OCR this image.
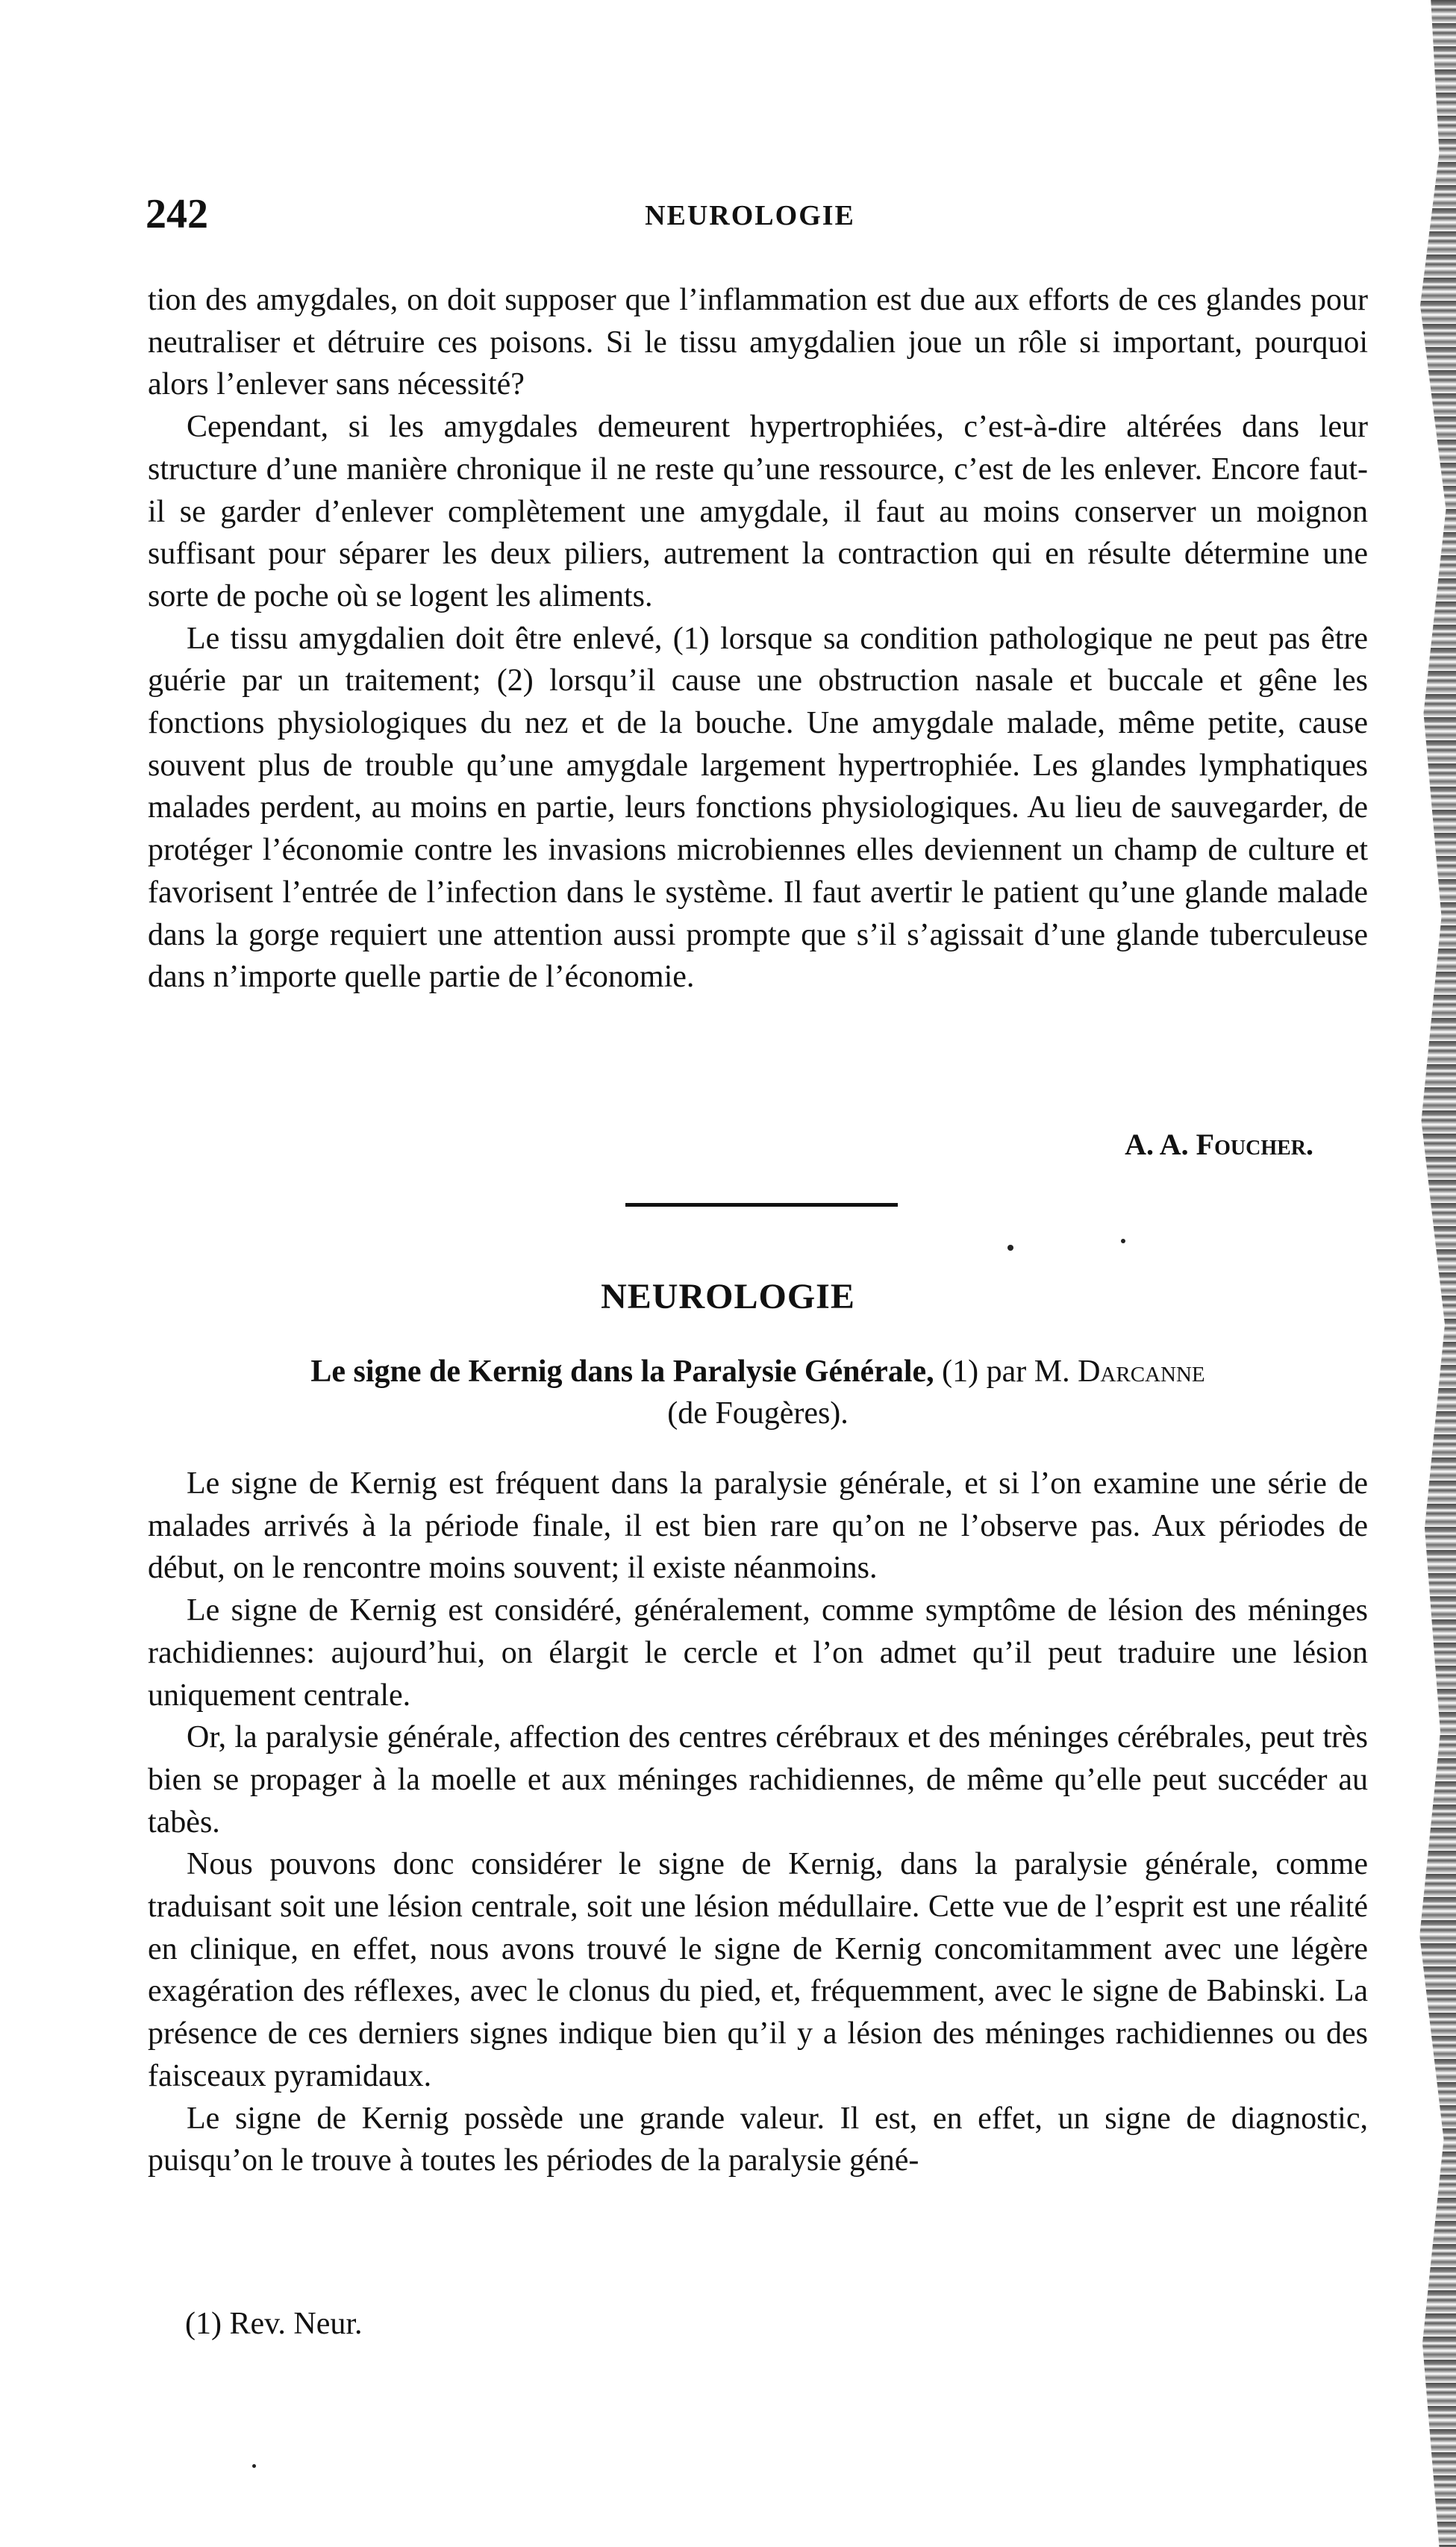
242	NEUROLOGIE

tion des amygdales, on doit supposer que l’inflammation est due aux efforts de ces glandes pour neutraliser et détruire ces poisons. Si le tissu amygdalien joue un rôle si important, pourquoi alors l’enlever sans nécessité?

Cependant, si les amygdales demeurent hypertrophiées, c’est-à-dire altérées dans leur structure d’une manière chronique il ne reste qu’une ressource, c’est de les enlever. Encore faut-il se garder d’enlever complètement une amygdale, il faut au moins conserver un moignon suffisant pour séparer les deux piliers, autrement la contraction qui en résulte détermine une sorte de poche où se logent les aliments.

Le tissu amygdalien doit être enlevé, (1) lorsque sa condition pathologique ne peut pas être guérie par un traitement; (2) lorsqu’il cause une obstruction nasale et buccale et gêne les fonctions physiologiques du nez et de la bouche. Une amygdale malade, même petite, cause souvent plus de trouble qu’une amygdale largement hypertrophiée. Les glandes lymphatiques malades perdent, au moins en partie, leurs fonctions physiologiques. Au lieu de sauvegarder, de protéger l’économie contre les invasions microbiennes elles deviennent un champ de culture et favorisent l’entrée de l’infection dans le système. Il faut avertir le patient qu’une glande malade dans la gorge requiert une attention aussi prompte que s’il s’agissait d’une glande tuberculeuse dans n’importe quelle partie de l’économie.

A. A. Foucher.
NEUROLOGIE
Le signe de Kernig dans la Paralysie Générale, (1) par M. Darcanne
(de Fougères).

Le signe de Kernig est fréquent dans la paralysie générale, et si l’on examine une série de malades arrivés à la période finale, il est bien rare qu’on ne l’observe pas. Aux périodes de début, on le rencontre moins souvent; il existe néanmoins.

Le signe de Kernig est considéré, généralement, comme symptôme de lésion des méninges rachidiennes: aujourd’hui, on élargit le cercle et l’on admet qu’il peut traduire une lésion uniquement centrale.

Or, la paralysie générale, affection des centres cérébraux et des méninges cérébrales, peut très bien se propager à la moelle et aux méninges rachidiennes, de même qu’elle peut succéder au tabès.

Nous pouvons donc considérer le signe de Kernig, dans la paralysie générale, comme traduisant soit une lésion centrale, soit une lésion médullaire. Cette vue de l’esprit est une réalité en clinique, en effet, nous avons trouvé le signe de Kernig concomitamment avec une légère exagération des réflexes, avec le clonus du pied, et, fréquemment, avec le signe de Babinski. La présence de ces derniers signes indique bien qu’il y a lésion des méninges rachidiennes ou des faisceaux pyramidaux.

Le signe de Kernig possède une grande valeur. Il est, en effet, un signe de diagnostic, puisqu’on le trouve à toutes les périodes de la paralysie géné-

(1) Rev. Neur.
